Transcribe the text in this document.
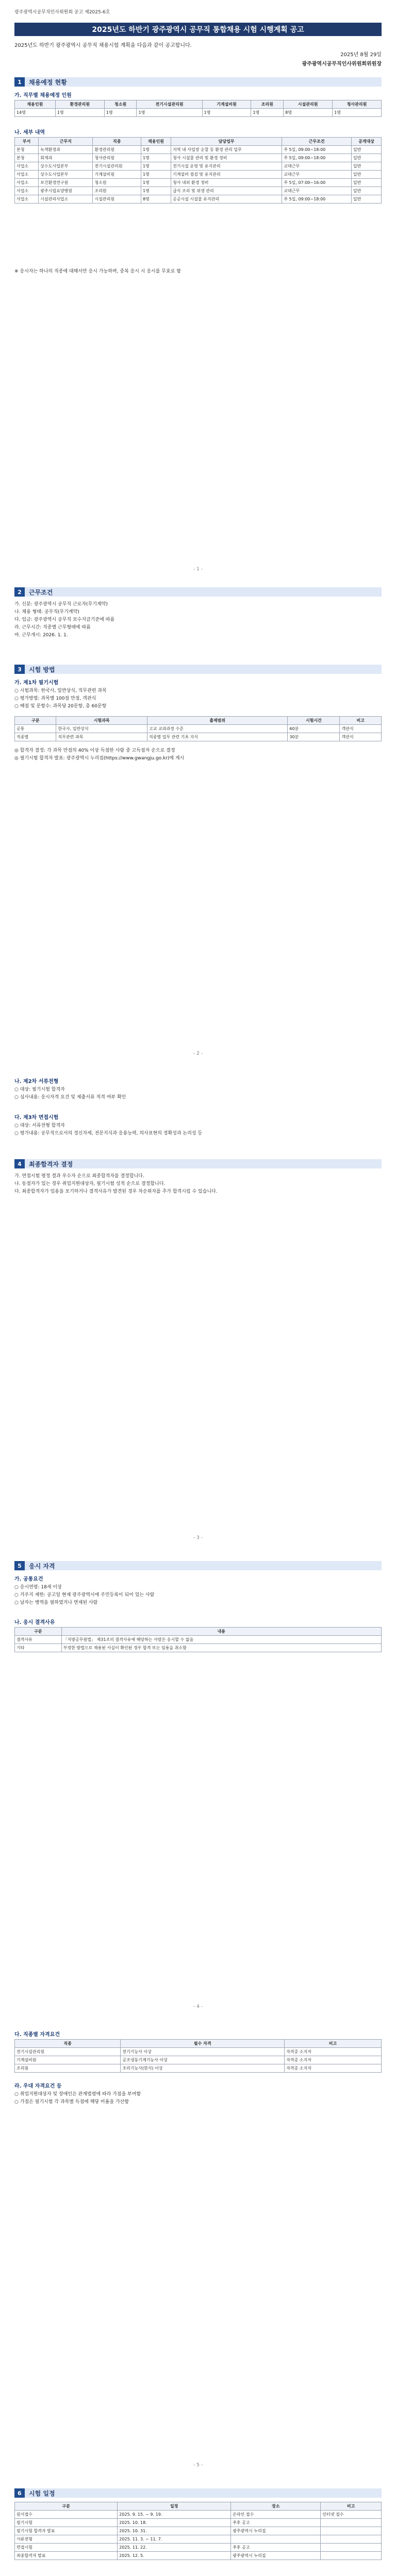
광주광역시공무직인사위원회 공고 제2025-6호
2025년도 하반기 광주광역시 공무직 통합채용 시험 시행계획 공고
2025년도 하반기 광주광역시 공무직 채용시험 계획을 다음과 같이 공고합니다.
2025년 8월 29일
광주광역시공무직인사위원회위원장
1	채용예정 현황
가. 직무별 채용예정 인원
채용인원	환경관리원	청소원	전기시설관리원	기계설비원	조리원	시설관리원	청사관리원
14명	1명	1명	1명	1명	1명	8명	1명
나. 세부 내역
부서	근무지	직종	채용인원	담당업무	근무조건	공개대상
본청	녹색환경과	환경관리원	1명	지역 내 사업장 순찰 등 환경 관리 업무	주 5일, 09:00~18:00	일반
본청	회계과	청사관리원	1명	청사 시설물 관리 및 환경 정비	주 5일, 09:00~18:00	일반
사업소	상수도사업본부	전기시설관리원	1명	전기시설 운영 및 유지관리	교대근무	일반
사업소	상수도사업본부	기계설비원	1명	기계설비 점검 및 유지관리	교대근무	일반
사업소	보건환경연구원	청소원	1명	청사 내외 환경 정비	주 5일, 07:00~16:00	일반
사업소	광주시립요양병원	조리원	1명	급식 조리 및 위생 관리	교대근무	일반
사업소	시설관리사업소	시설관리원	8명	공공시설 시설물 유지관리	주 5일, 09:00~18:00	일반
※ 응시자는 하나의 직종에 대해서만 응시 가능하며, 중복 응시 시 응시를 무효로 함
- 1 -
2	근무조건
가. 신분: 광주광역시 공무직 근로자(무기계약)
나. 채용 형태: 공무직(무기계약)
다. 임금: 광주광역시 공무직 보수지급기준에 따름
라. 근무시간: 직종별 근무형태에 따름
마. 근무개시: 2026. 1. 1.
3	시험 방법
가. 제1차 필기시험
○ 시험과목: 한국사, 일반상식, 직무관련 과목
○ 평가방법: 과목별 100점 만점, 객관식
○ 배점 및 문항수: 과목당 20문항, 총 60문항
구분	시험과목	출제범위	시험시간	비고
공통	한국사, 일반상식	고교 교과과정 수준	60분	객관식
직종별	직무관련 과목	직종별 업무 관련 기초 지식	30분	객관식
◎ 합격자 결정: 각 과목 만점의 40% 이상 득점한 사람 중 고득점자 순으로 결정
◎ 필기시험 합격자 발표: 광주광역시 누리집(https://www.gwangju.go.kr)에 게시
- 2 -
나. 제2차 서류전형
○ 대상: 필기시험 합격자
○ 심사내용: 응시자격 요건 및 제출서류 적격 여부 확인
다. 제3차 면접시험
○ 대상: 서류전형 합격자
○ 평가내용: 공무직으로서의 정신자세, 전문지식과 응용능력, 의사표현의 정확성과 논리성 등
4	최종합격자 결정
가. 면접시험 평정 결과 우수자 순으로 최종합격자를 결정합니다.
나. 동점자가 있는 경우 취업지원대상자, 필기시험 성적 순으로 결정합니다.
다. 최종합격자가 임용을 포기하거나 결격사유가 발견된 경우 차순위자를 추가 합격시킬 수 있습니다.
- 3 -
5	응시 자격
가. 공통요건
○ 응시연령: 18세 이상
○ 거주지 제한: 공고일 현재 광주광역시에 주민등록이 되어 있는 사람
○ 남자는 병역을 필하였거나 면제된 사람
나. 응시 결격사유
구분	내용
결격사유	「지방공무원법」 제31조의 결격사유에 해당하는 사람은 응시할 수 없음
기타	부정한 방법으로 채용된 사실이 확인된 경우 합격 또는 임용을 취소함
- 4 -
다. 직종별 자격요건
직종	필수 자격	비고
전기시설관리원	전기기능사 이상	자격증 소지자
기계설비원	공조냉동기계기능사 이상	자격증 소지자
조리원	조리기능사(한식) 이상	자격증 소지자
라. 우대 자격요건 등
○ 취업지원대상자 및 장애인은 관계법령에 따라 가점을 부여함
○ 가점은 필기시험 각 과목별 득점에 해당 비율을 가산함
- 5 -
6	시험 일정
구분	일정	장소	비고
원서접수	2025. 9. 15. ~ 9. 19.	온라인 접수	인터넷 접수
필기시험	2025. 10. 18.	추후 공고	
필기시험 합격자 발표	2025. 10. 31.	광주광역시 누리집	
서류전형	2025. 11. 3. ~ 11. 7.		
면접시험	2025. 11. 22.	추후 공고	
최종합격자 발표	2025. 12. 5.	광주광역시 누리집	
